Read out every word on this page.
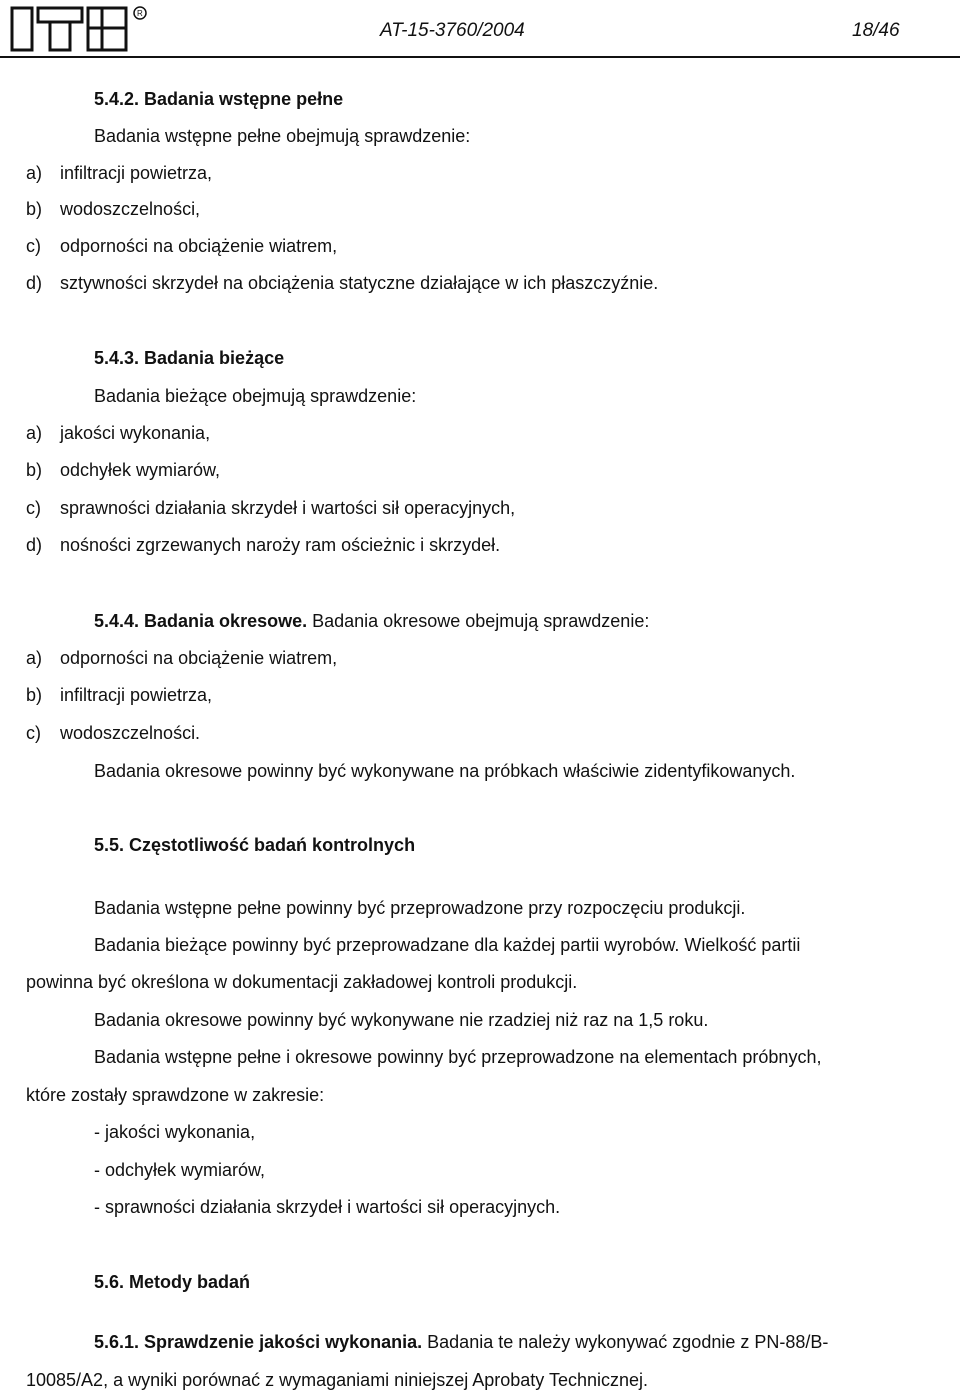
R
AT-15-3760/2004	18/46
5.4.2. Badania wstępne pełne
Badania wstępne pełne obejmują sprawdzenie:
a) infiltracji powietrza,
b) wodoszczelności,
c) odporności na obciążenie wiatrem,
d) sztywności skrzydeł na obciążenia statyczne działające w ich płaszczyźnie.
5.4.3. Badania bieżące
Badania bieżące obejmują sprawdzenie:
a) jakości wykonania,
b) odchyłek wymiarów,
c) sprawności działania skrzydeł i wartości sił operacyjnych,
d) nośności zgrzewanych naroży ram ościeżnic i skrzydeł.
5.4.4. Badania okresowe. Badania okresowe obejmują sprawdzenie:
a) odporności na obciążenie wiatrem,
b) infiltracji powietrza,
c) wodoszczelności.
Badania okresowe powinny być wykonywane na próbkach właściwie zidentyfikowanych.
5.5. Częstotliwość badań kontrolnych
Badania wstępne pełne powinny być przeprowadzone przy rozpoczęciu produkcji.
Badania bieżące powinny być przeprowadzane dla każdej partii wyrobów. Wielkość partii
powinna być określona w dokumentacji zakładowej kontroli produkcji.
Badania okresowe powinny być wykonywane nie rzadziej niż raz na 1,5 roku.
Badania wstępne pełne i okresowe powinny być przeprowadzone na elementach próbnych,
które zostały sprawdzone w zakresie:
- jakości wykonania,
- odchyłek wymiarów,
- sprawności działania skrzydeł i wartości sił operacyjnych.
5.6. Metody badań
5.6.1. Sprawdzenie jakości wykonania. Badania te należy wykonywać zgodnie z PN-88/B-
10085/A2, a wyniki porównać z wymaganiami niniejszej Aprobaty Technicznej.
